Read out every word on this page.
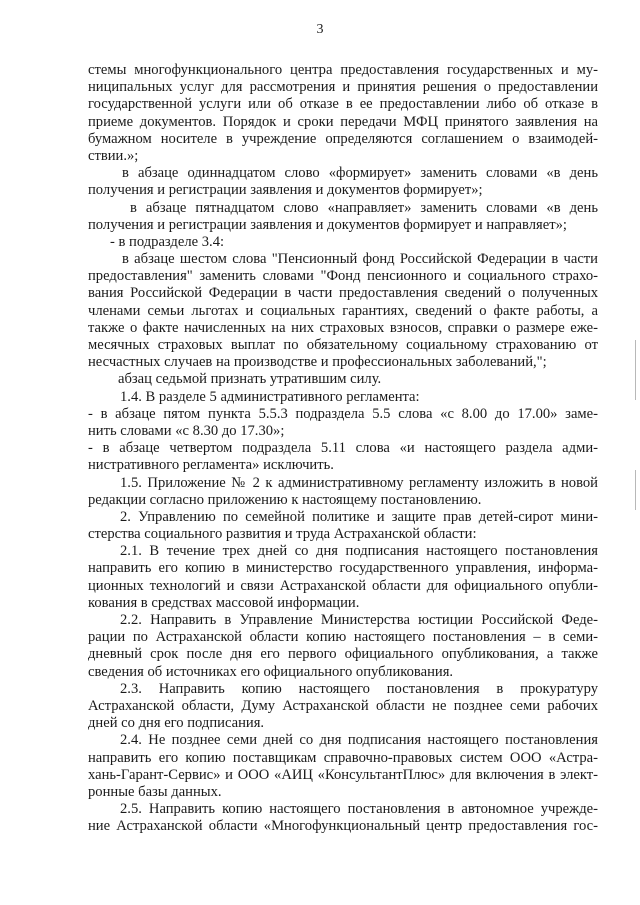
3
стемы многофункционального центра предоставления государственных и му-
ниципальных услуг для рассмотрения и принятия решения о предоставлении
государственной услуги или об отказе в ее предоставлении либо об отказе в
приеме документов. Порядок и сроки передачи МФЦ принятого заявления на
бумажном носителе в учреждение определяются соглашением о взаимодей-
ствии.»;
в абзаце одиннадцатом слово «формирует» заменить словами «в день
получения и регистрации заявления и документов формирует»;
в абзаце пятнадцатом слово «направляет» заменить словами «в день
получения и регистрации заявления и документов формирует и направляет»;
- в подразделе 3.4:
в абзаце шестом слова "Пенсионный фонд Российской Федерации в части
предоставления" заменить словами "Фонд пенсионного и социального страхо-
вания Российской Федерации в части предоставления сведений о полученных
членами семьи льготах и социальных гарантиях, сведений о факте работы, а
также о факте начисленных на них страховых взносов, справки о размере еже-
месячных страховых выплат по обязательному социальному страхованию от
несчастных случаев на производстве и профессиональных заболеваний,";
абзац седьмой признать утратившим силу.
1.4. В разделе 5 административного регламента:
- в абзаце пятом пункта 5.5.3 подраздела 5.5 слова «с 8.00 до 17.00» заме-
нить словами «с 8.30 до 17.30»;
- в абзаце четвертом подраздела 5.11 слова «и настоящего раздела адми-
нистративного регламента» исключить.
1.5. Приложение № 2 к административному регламенту изложить в новой
редакции согласно приложению к настоящему постановлению.
2. Управлению по семейной политике и защите прав детей-сирот мини-
стерства социального развития и труда Астраханской области:
2.1. В течение трех дней со дня подписания настоящего постановления
направить его копию в министерство государственного управления, информа-
ционных технологий и связи Астраханской области для официального опубли-
кования в средствах массовой информации.
2.2. Направить в Управление Министерства юстиции Российской Феде-
рации по Астраханской области копию настоящего постановления – в семи-
дневный срок после дня его первого официального опубликования, а также
сведения об источниках его официального опубликования.
2.3. Направить копию настоящего постановления в прокуратуру
Астраханской области, Думу Астраханской области не позднее семи рабочих
дней со дня его подписания.
2.4. Не позднее семи дней со дня подписания настоящего постановления
направить его копию поставщикам справочно-правовых систем ООО «Астра-
хань-Гарант-Сервис» и ООО «АИЦ «КонсультантПлюс» для включения в элект-
ронные базы данных.
2.5. Направить копию настоящего постановления в автономное учрежде-
ние Астраханской области «Многофункциональный центр предоставления гос-
